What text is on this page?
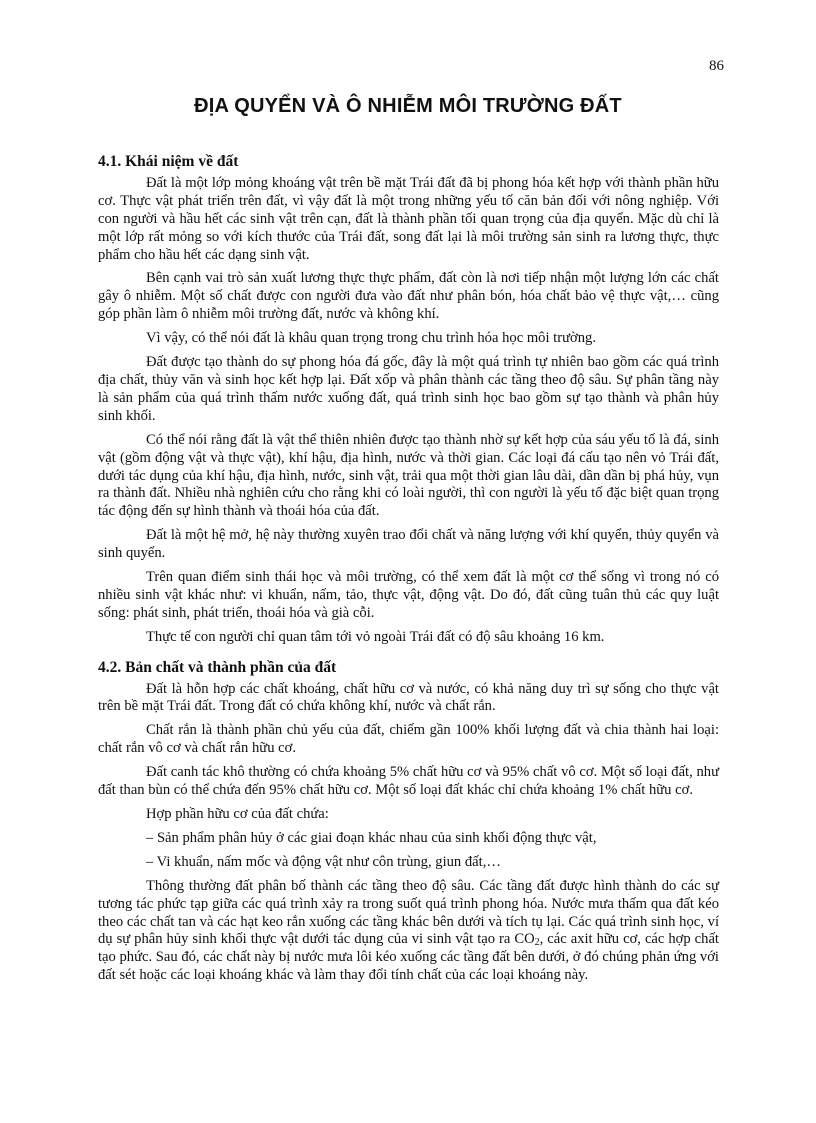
86
ĐỊA QUYỂN VÀ Ô NHIỄM MÔI TRƯỜNG ĐẤT
4.1. Khái niệm về đất

Đất là một lớp mỏng khoáng vật trên bề mặt Trái đất đã bị phong hóa kết hợp với thành phần hữu cơ. Thực vật phát triển trên đất, vì vậy đất là một trong những yếu tố căn bản đối với nông nghiệp. Với con người và hầu hết các sinh vật trên cạn, đất là thành phần tối quan trọng của địa quyển. Mặc dù chỉ là một lớp rất mỏng so với kích thước của Trái đất, song đất lại là môi trường sản sinh ra lương thực, thực phẩm cho hầu hết các dạng sinh vật.

Bên cạnh vai trò sản xuất lương thực thực phẩm, đất còn là nơi tiếp nhận một lượng lớn các chất gây ô nhiễm. Một số chất được con người đưa vào đất như phân bón, hóa chất bảo vệ thực vật,… cũng góp phần làm ô nhiễm môi trường đất, nước và không khí.

Vì vậy, có thể nói đất là khâu quan trọng trong chu trình hóa học môi trường.

Đất được tạo thành do sự phong hóa đá gốc, đây là một quá trình tự nhiên bao gồm các quá trình địa chất, thủy văn và sinh học kết hợp lại. Đất xốp và phân thành các tầng theo độ sâu. Sự phân tầng này là sản phẩm của quá trình thấm nước xuống đất, quá trình sinh học bao gồm sự tạo thành và phân hủy sinh khối.

Có thể nói rằng đất là vật thể thiên nhiên được tạo thành nhờ sự kết hợp của sáu yếu tố là đá, sinh vật (gồm động vật và thực vật), khí hậu, địa hình, nước và thời gian. Các loại đá cấu tạo nên vỏ Trái đất, dưới tác dụng của khí hậu, địa hình, nước, sinh vật, trải qua một thời gian lâu dài, dần dần bị phá hủy, vụn ra thành đất. Nhiều nhà nghiên cứu cho rằng khi có loài người, thì con người là yếu tố đặc biệt quan trọng tác động đến sự hình thành và thoái hóa của đất.

Đất là một hệ mở, hệ này thường xuyên trao đổi chất và năng lượng với khí quyển, thủy quyển và sinh quyển.

Trên quan điểm sinh thái học và môi trường, có thể xem đất là một cơ thể sống vì trong nó có nhiều sinh vật khác như: vi khuẩn, nấm, tảo, thực vật, động vật. Do đó, đất cũng tuân thủ các quy luật sống: phát sinh, phát triển, thoái hóa và già cỗi.

Thực tế con người chỉ quan tâm tới vỏ ngoài Trái đất có độ sâu khoảng 16 km.

4.2. Bản chất và thành phần của đất

Đất là hỗn hợp các chất khoáng, chất hữu cơ và nước, có khả năng duy trì sự sống cho thực vật trên bề mặt Trái đất. Trong đất có chứa không khí, nước và chất rắn.

Chất rắn là thành phần chủ yếu của đất, chiếm gần 100% khối lượng đất và chia thành hai loại: chất rắn vô cơ và chất rắn hữu cơ.

Đất canh tác khô thường có chứa khoảng 5% chất hữu cơ và 95% chất vô cơ. Một số loại đất, như đất than bùn có thể chứa đến 95% chất hữu cơ. Một số loại đất khác chỉ chứa khoảng 1% chất hữu cơ.

Hợp phần hữu cơ của đất chứa:

– Sản phẩm phân hủy ở các giai đoạn khác nhau của sinh khối động thực vật,
– Vi khuẩn, nấm mốc và động vật như côn trùng, giun đất,…

Thông thường đất phân bố thành các tầng theo độ sâu. Các tầng đất được hình thành do các sự tương tác phức tạp giữa các quá trình xảy ra trong suốt quá trình phong hóa. Nước mưa thấm qua đất kéo theo các chất tan và các hạt keo rắn xuống các tầng khác bên dưới và tích tụ lại. Các quá trình sinh học, ví dụ sự phân hủy sinh khối thực vật dưới tác dụng của vi sinh vật tạo ra $CO_2$, các axit hữu cơ, các hợp chất tạo phức. Sau đó, các chất này bị nước mưa lôi kéo xuống các tầng đất bên dưới, ở đó chúng phản ứng với đất sét hoặc các loại khoáng khác và làm thay đổi tính chất của các loại khoáng này.
